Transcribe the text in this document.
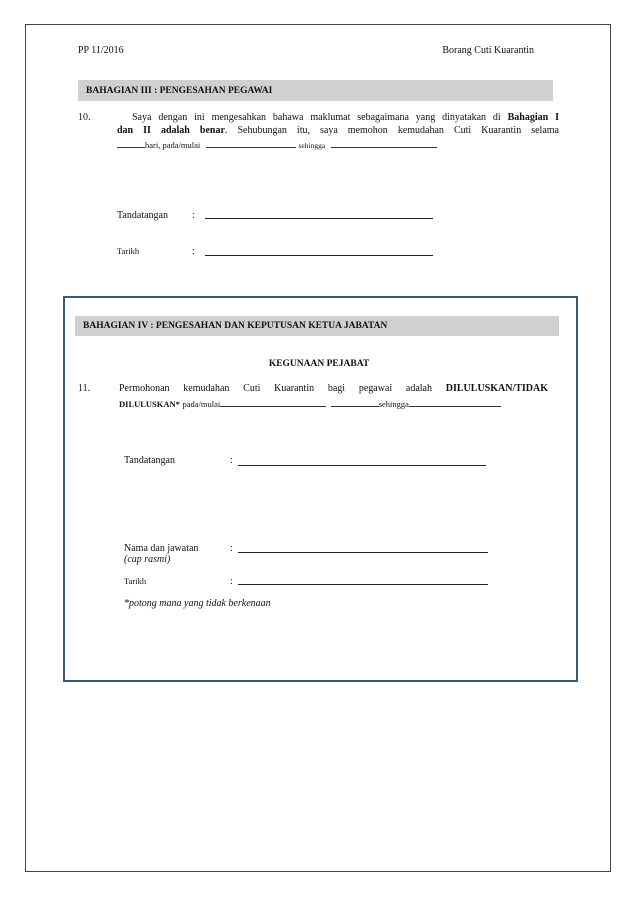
PP 11/2016	Borang Cuti Kuarantin
BAHAGIAN III : PENGESAHAN PEGAWAI
10.	Saya dengan ini mengesahkan bahawa maklumat sebagaimana yang dinyatakan di Bahagian I
dan II adalah benar. Sehubungan itu, saya memohon kemudahan Cuti Kuarantin selama
hari, pada/mulai	sehingga
Tandatangan :
Tarikh	:
BAHAGIAN IV : PENGESAHAN DAN KEPUTUSAN KETUA JABATAN
KEGUNAAN PEJABAT
11.	Permohonan kemudahan Cuti Kuarantin bagi pegawai adalah DILULUSKAN/TIDAK
DILULUSKAN* pada/mulai	sehingga
Tandatangan	:
Nama dan jawatan
(cap rasmi)
:
Tarikh	:
*potong mana yang tidak berkenaan
